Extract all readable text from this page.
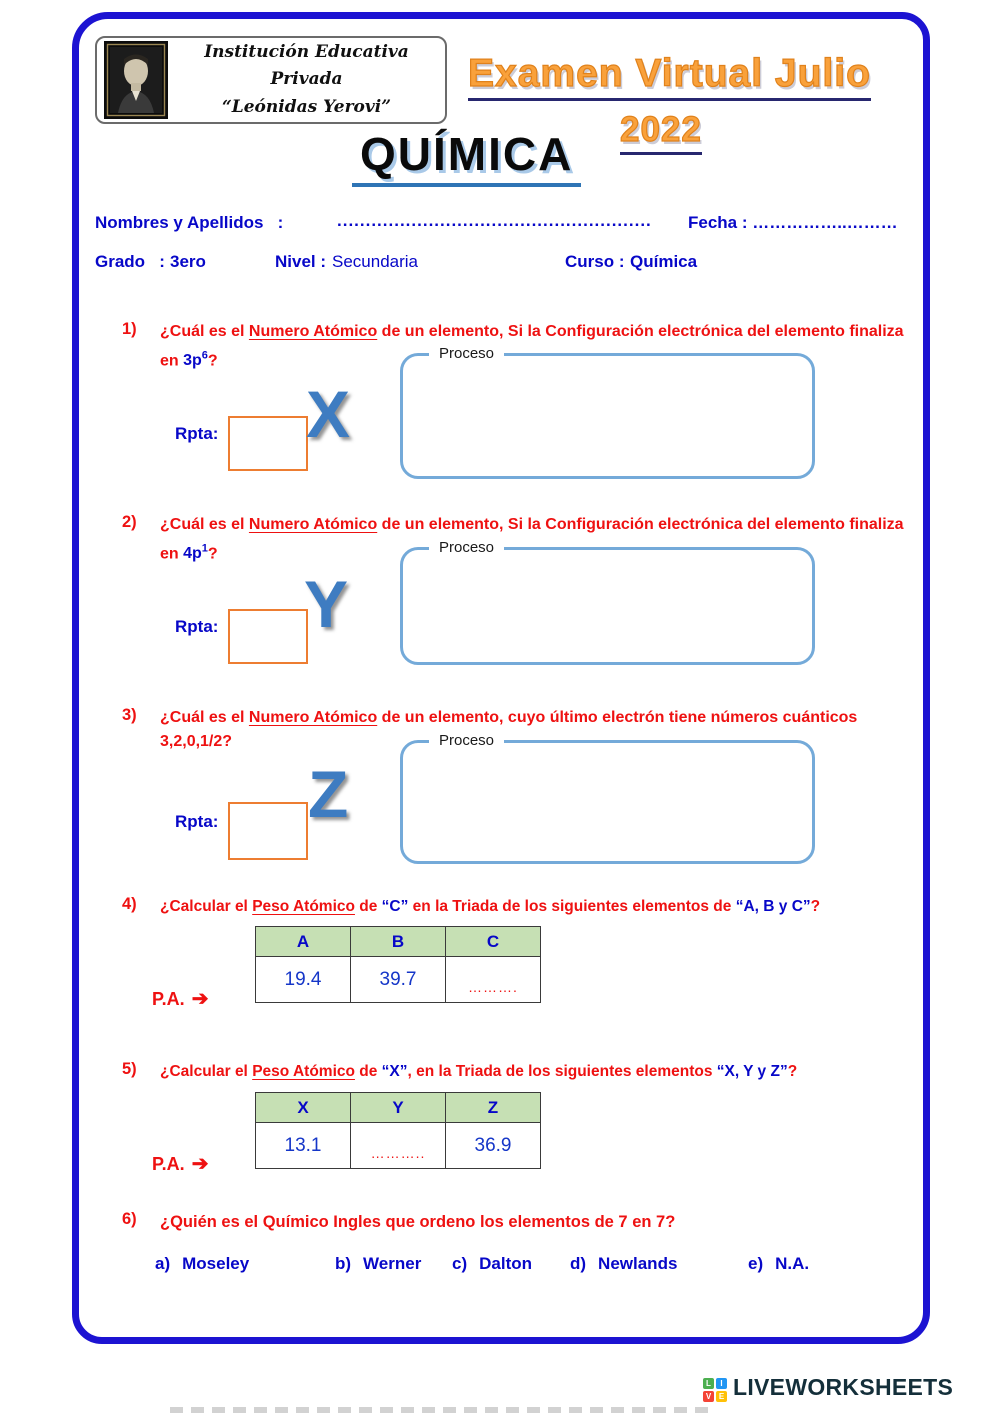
Institución Educativa Privada
“Leónidas Yerovi”
Examen Virtual Julio
2022
QUÍMICA
Nombres y Apellidos   :	....................................................... Fecha : ……………..………
Grado   : 3ero	Nivel : Secundaria	Curso : Química
1) ¿Cuál es el Numero Atómico de un elemento, Si la Configuración electrónica del elemento finaliza en $3p^6$?	Proceso
Rpta: X
2) ¿Cuál es el Numero Atómico de un elemento, Si la Configuración electrónica del elemento finaliza en $4p^1$?	Proceso
Rpta: Y
3) ¿Cuál es el Numero Atómico de un elemento, cuyo último electrón tiene números cuánticos 3,2,0,1/2?	Proceso
Rpta: Z
4) ¿Calcular el Peso Atómico de “C” en la Triada de los siguientes elementos de “A, B y C”?
A	B	C
19.4	39.7	……….
P.A. ➔
5) ¿Calcular el Peso Atómico de “X”, en la Triada de los siguientes elementos “X, Y y Z”?
X	Y	Z
13.1	………..	36.9
P.A. ➔
6) ¿Quién es el Químico Ingles que ordeno los elementos de 7 en 7?
a) Moseley	b) Werner c) Dalton d) Newlands	e) N.A.
L	I
V E LIVEWORKSHEETS
